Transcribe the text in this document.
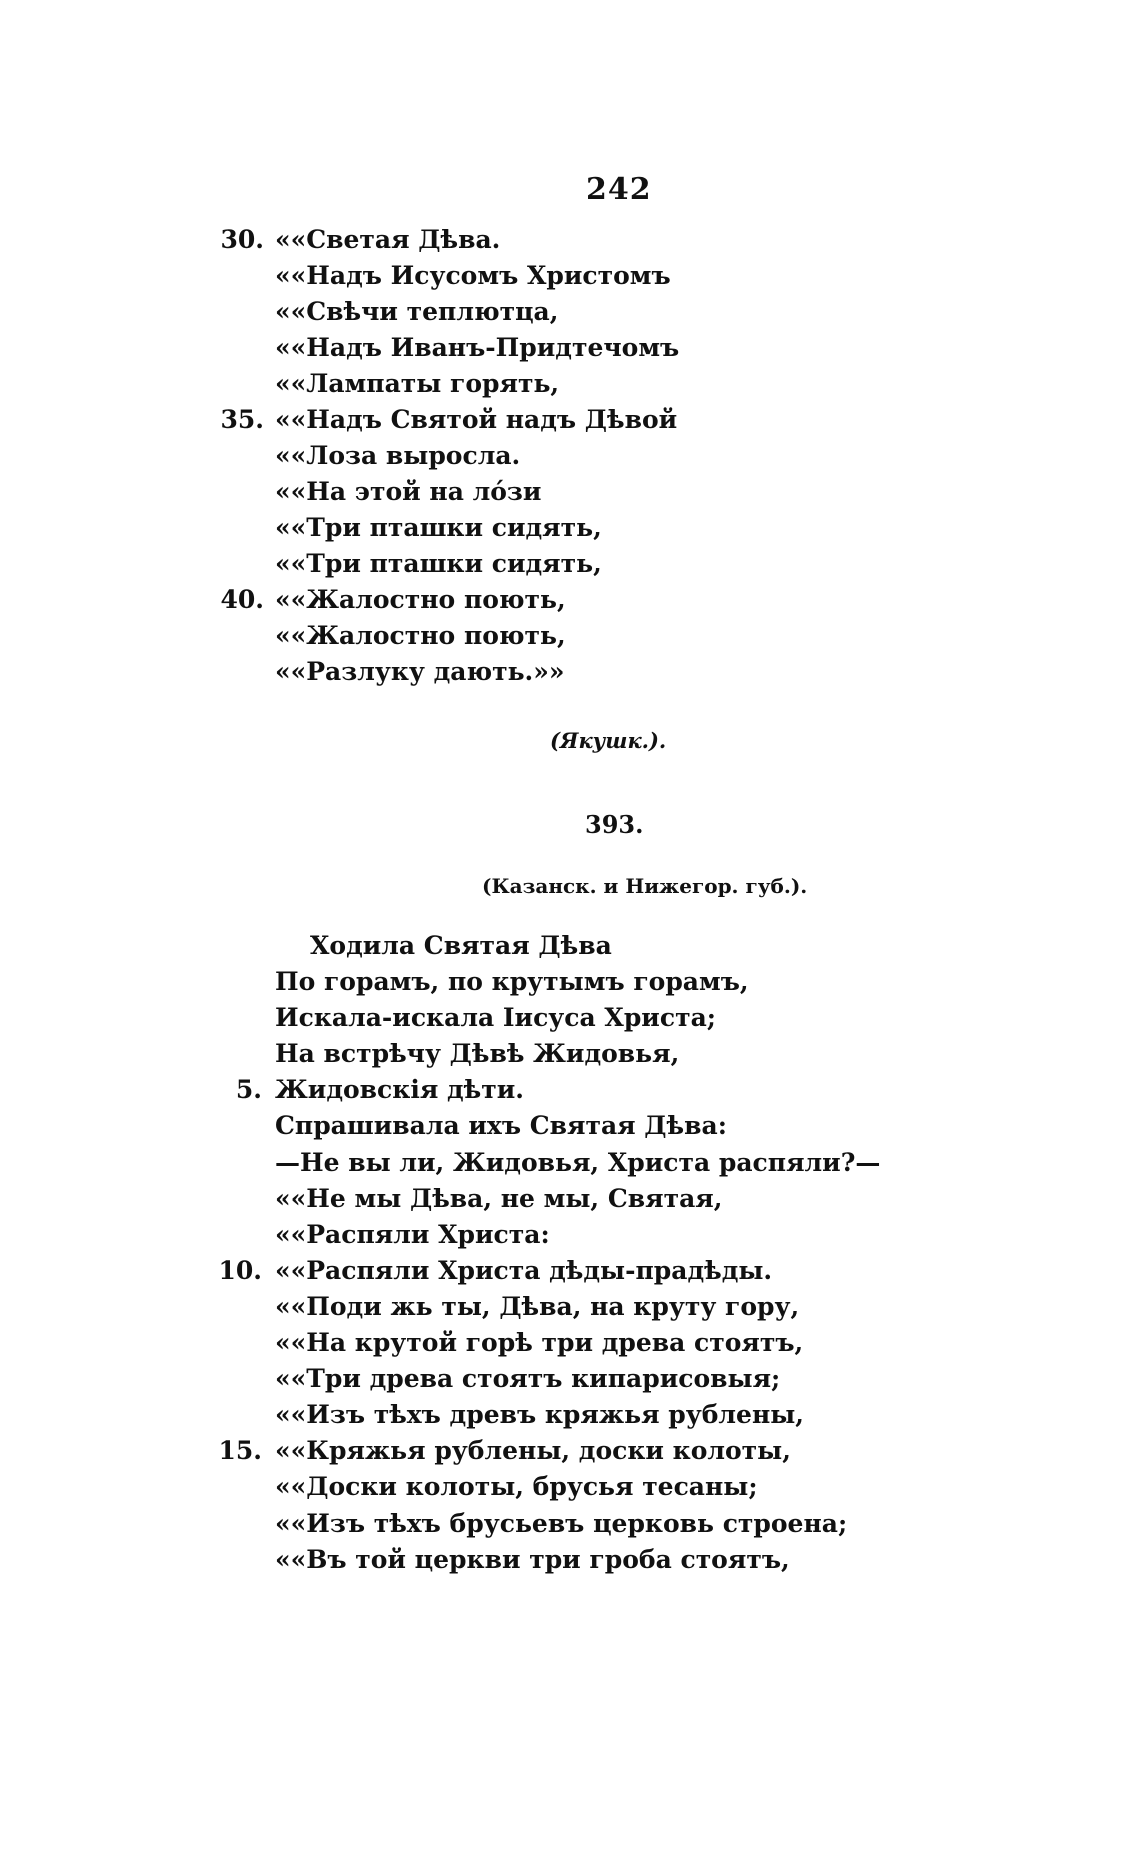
242
30. ««Светая Дѣва.
««Надъ Исусомъ Христомъ
««Свѣчи теплютца,
««Надъ Иванъ-Придтечомъ
««Лампаты горять,
35. ««Надъ Святой надъ Дѣвой
««Лоза выросла.
««На этой на ло́зи
««Три пташки сидять,
««Три пташки сидять,
40. ««Жалостно поють,
««Жалостно поють,
««Разлуку дають.»»
(Якушк.).
393.
(Казанск. и Нижегор. губ.).
Ходила Святая Дѣва
По горамъ, по крутымъ горамъ,
Искала-искала Іисуса Христа;
На встрѣчу Дѣвѣ Жидовья,
5. Жидовскія дѣти.
Спрашивала ихъ Святая Дѣва:
—Не вы ли, Жидовья, Христа распяли?—
««Не мы Дѣва, не мы, Святая,
««Распяли Христа:
10. ««Распяли Христа дѣды-прадѣды.
««Поди жь ты, Дѣва, на круту гору,
««На крутой горѣ три древа стоятъ,
««Три древа стоятъ кипарисовыя;
««Изъ тѣхъ древъ кряжья рублены,
15. ««Кряжья рублены, доски колоты,
««Доски колоты, брусья тесаны;
««Изъ тѣхъ брусьевъ церковь строена;
««Въ той церкви три гроба стоятъ,
